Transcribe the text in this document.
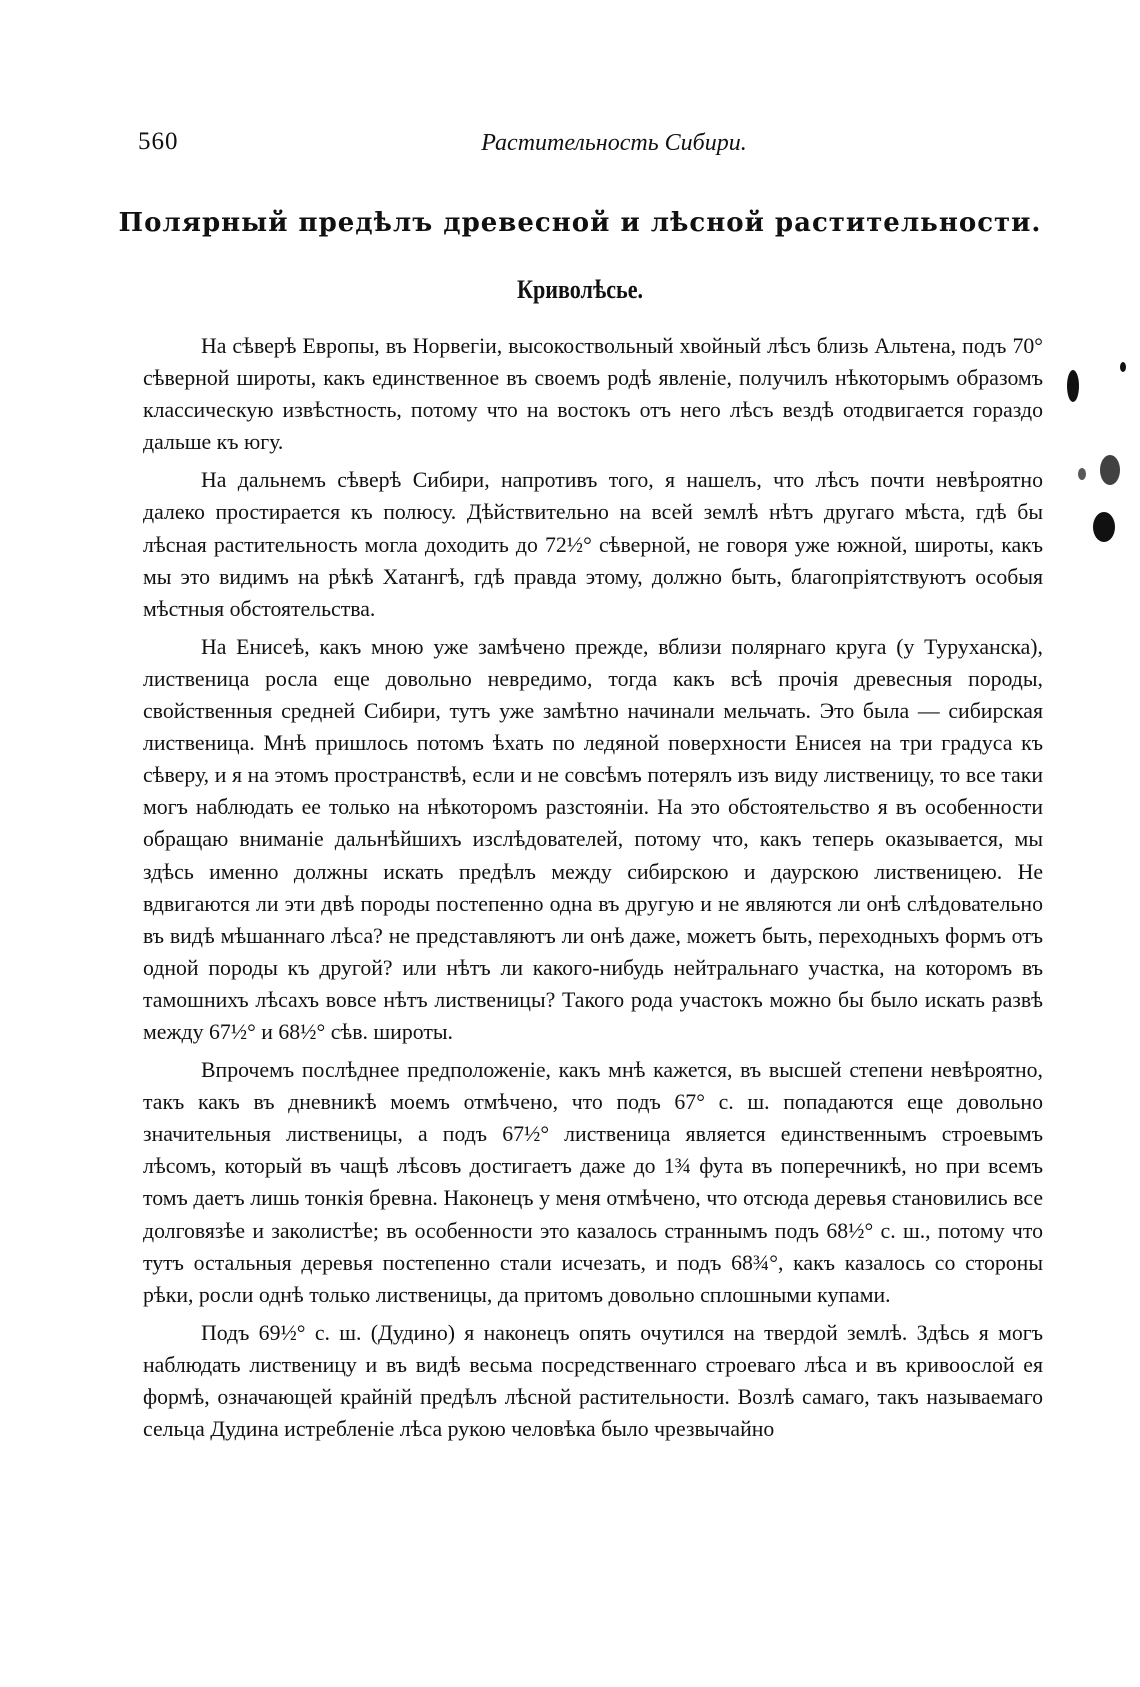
560	Растительность Сибири.
Полярный предѣлъ древесной и лѣсной растительности.
Криволѣсье.

На сѣверѣ Европы, въ Норвегіи, высокоствольный хвойный лѣсъ близь Альтена, подъ 70° сѣверной широты, какъ единственное въ своемъ родѣ явленіе, получилъ нѣкоторымъ образомъ классическую извѣстность, потому что на востокъ отъ него лѣсъ вездѣ отодвигается гораздо дальше къ югу.

На дальнемъ сѣверѣ Сибири, напротивъ того, я нашелъ, что лѣсъ почти невѣроятно далеко простирается къ полюсу. Дѣйствительно на всей землѣ нѣтъ другаго мѣста, гдѣ бы лѣсная растительность могла доходить до 72½° сѣверной, не говоря уже южной, широты, какъ мы это видимъ на рѣкѣ Хатангѣ, гдѣ правда этому, должно быть, благопріятствуютъ особыя мѣстныя обстоятельства.

На Енисеѣ, какъ мною уже замѣчено прежде, вблизи полярнаго круга (у Туруханска), лиственица росла еще довольно невредимо, тогда какъ всѣ прочія древесныя породы, свойственныя средней Сибири, тутъ уже замѣтно начинали мельчать. Это была — сибирская лиственица. Мнѣ пришлось потомъ ѣхать по ледяной поверхности Енисея на три градуса къ сѣверу, и я на этомъ пространствѣ, если и не совсѣмъ потерялъ изъ виду лиственицу, то все таки могъ наблюдать ее только на нѣкоторомъ разстояніи. На это обстоятельство я въ особенности обращаю вниманіе дальнѣйшихъ изслѣдователей, потому что, какъ теперь оказывается, мы здѣсь именно должны искать предѣлъ между сибирскою и даурскою лиственицею. Не вдвигаются ли эти двѣ породы постепенно одна въ другую и не являются ли онѣ слѣдовательно въ видѣ мѣшаннаго лѣса? не представляютъ ли онѣ даже, можетъ быть, переходныхъ формъ отъ одной породы къ другой? или нѣтъ ли какого-нибудь нейтральнаго участка, на которомъ въ тамошнихъ лѣсахъ вовсе нѣтъ лиственицы? Такого рода участокъ можно бы было искать развѣ между 67½° и 68½° сѣв. широты.

Впрочемъ послѣднее предположеніе, какъ мнѣ кажется, въ высшей степени невѣроятно, такъ какъ въ дневникѣ моемъ отмѣчено, что подъ 67° с. ш. попадаются еще довольно значительныя лиственицы, а подъ 67½° лиственица является единственнымъ строевымъ лѣсомъ, который въ чащѣ лѣсовъ достигаетъ даже до 1¾ фута въ поперечникѣ, но при всемъ томъ даетъ лишь тонкія бревна. Наконецъ у меня отмѣчено, что отсюда деревья становились все долговязѣе и заколистѣе; въ особенности это казалось страннымъ подъ 68½° с. ш., потому что тутъ остальныя деревья постепенно стали исчезать, и подъ 68¾°, какъ казалось со стороны рѣки, росли однѣ только лиственицы, да притомъ довольно сплошными купами.

Подъ 69½° с. ш. (Дудино) я наконецъ опять очутился на твердой землѣ. Здѣсь я могъ наблюдать лиственицу и въ видѣ весьма посредственнаго строеваго лѣса и въ кривоослой ея формѣ, означающей крайній предѣлъ лѣсной растительности. Возлѣ самаго, такъ называемаго сельца Дудина истребленіе лѣса рукою человѣка было чрезвычайно
